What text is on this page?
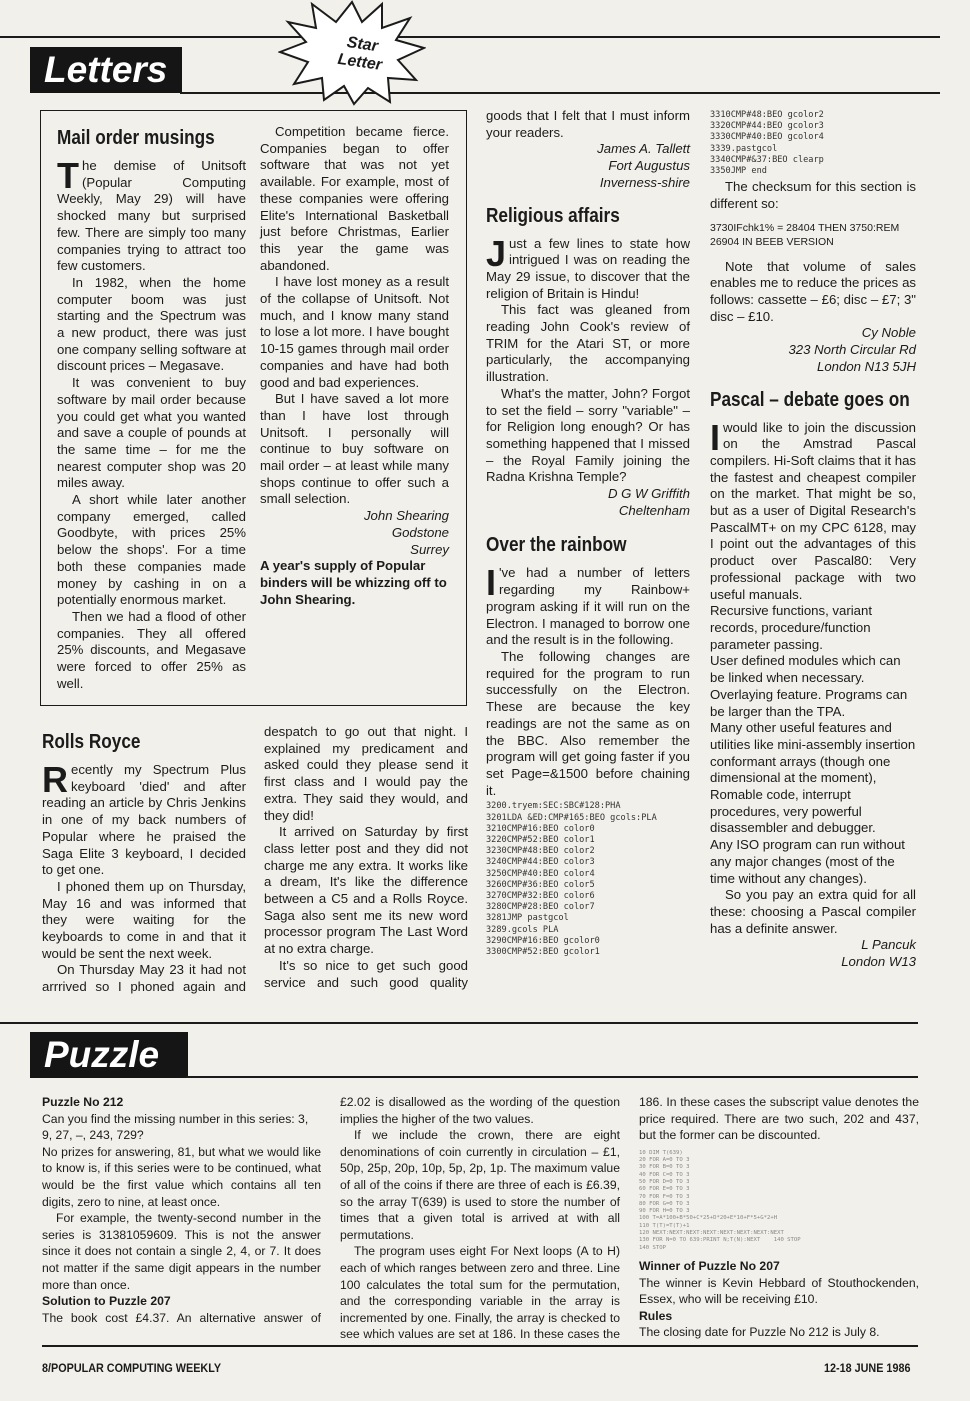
Letters
Star
Letter
Mail order musings

The demise of Unitsoft (Popular Computing Weekly, May 29) will have shocked many but surprised few. There are simply too many companies trying to attract too few customers.

In 1982, when the home computer boom was just starting and the Spectrum was a new product, there was just one company selling software at discount prices – Megasave.

It was convenient to buy software by mail order because you could get what you wanted and save a couple of pounds at the same time – for me the nearest computer shop was 20 miles away.

A short while later another company emerged, called Goodbyte, with prices 25% below the shops'. For a time both these companies made money by cashing in on a potentially enormous market.

Then we had a flood of other companies. They all offered 25% discounts, and Megasave were forced to offer 25% as well.

Competition became fierce. Companies began to offer software that was not yet available. For example, most of these companies were offering Elite's International Basketball just before Christmas, Earlier this year the game was abandoned.

I have lost money as a result of the collapse of Unitsoft. Not much, and I know many stand to lose a lot more. I have bought 10-15 games through mail order companies and have had both good and bad experiences.

But I have saved a lot more than I have lost through Unitsoft. I personally will continue to buy software on mail order – at least while many shops continue to offer such a small selection.

John Shearing

Godstone

Surrey

A year's supply of Popular binders will be whizzing off to John Shearing.

Rolls Royce

Recently my Spectrum Plus keyboard 'died' and after reading an article by Chris Jenkins in one of my back numbers of Popular where he praised the Saga Elite 3 keyboard, I decided to get one.

I phoned them up on Thursday, May 16 and was informed that they were waiting for the keyboards to come in and that it would be sent the next week.

On Thursday May 23 it had not arrrived so I phoned again and

despatch to go out that night. I explained my predicament and asked could they please send it first class and I would pay the extra. They said they would, and they did!

It arrived on Saturday by first class letter post and they did not charge me any extra. It works like a dream, It's like the difference between a C5 and a Rolls Royce. Saga also sent me its new word processor program The Last Word at no extra charge.

It's so nice to get such good service and such good quality

goods that I felt that I must inform your readers.

James A. Tallett

Fort Augustus

Inverness-shire

Religious affairs

Just a few lines to state how intrigued I was on reading the May 29 issue, to discover that the religion of Britain is Hindu!

This fact was gleaned from reading John Cook's review of TRIM for the Atari ST, or more particularly, the accompanying illustration.

What's the matter, John? Forgot to set the field – sorry "variable" – for Religion long enough? Or has something happened that I missed – the Royal Family joining the Radna Krishna Temple?

D G W Griffith

Cheltenham

Over the rainbow

I 've had a number of letters regarding my Rainbow+ program asking if it will run on the Electron. I managed to borrow one and the result is in the following.

The following changes are required for the program to run successfully on the Electron. These are because the key readings are not the same as on the BBC. Also remember the program will get going faster if you set Page=&1500 before chaining it.

3200.tryem:SEC:SBC#128:PHA
3201LDA &ED:CMP#165:BEO gcols:PLA
3210CMP#16:BEO color0
3220CMP#52:BEO color1
3230CMP#48:BEO color2
3240CMP#44:BEO color3
3250CMP#40:BEO color4
3260CMP#36:BEO color5
3270CMP#32:BEO color6
3280CMP#28:BEO color7
3281JMP pastgcol
3289.gcols PLA
3290CMP#16:BEO gcolor0
3300CMP#52:BEO gcolor1
3310CMP#48:BEO gcolor2
3320CMP#44:BEO gcolor3
3330CMP#40:BEO gcolor4
3339.pastgcol
3340CMP#&37:BEO clearp
3350JMP end

The checksum for this section is different so:

3730IFchk1% = 28404 THEN 3750:REM 26904 IN BEEB VERSION

Note that volume of sales enables me to reduce the prices as follows: cassette – £6; disc – £7; 3" disc – £10.

Cy Noble

323 North Circular Rd

London N13 5JH

Pascal – debate goes on

Iwould like to join the discussion on the Amstrad Pascal compilers. Hi-Soft claims that it has the fastest and cheapest compiler on the market. That might be so, but as a user of Digital Research's PascalMT+ on my CPC 6128, may I point out the advantages of this product over Pascal80: Very professional package with two useful manuals.

Recursive functions, variant records, procedure/function parameter passing.

User defined modules which can be linked when necessary.

Overlaying feature. Programs can be larger than the TPA.

Many other useful features and utilities like mini-assembly insertion conformant arrays (though one dimensional at the moment), Romable code, interrupt procedures, very powerful disassembler and debugger.

Any ISO program can run without any major changes (most of the time without any changes).

So you pay an extra quid for all these: choosing a Pascal compiler has a definite answer.

L Pancuk

London W13

Puzzle

Puzzle No 212

Can you find the missing number in this series: 3, 9, 27, –, 243, 729?

No prizes for answering, 81, but what we would like to know is, if this series were to be continued, what would be the first value which contains all ten digits, zero to nine, at least once.

For example, the twenty-second number in the series is 31381059609. This is not the answer since it does not contain a single 2, 4, or 7. It does not matter if the same digit appears in the number more than once.

Solution to Puzzle 207

The book cost £4.37. An alternative answer of

£2.02 is disallowed as the wording of the question implies the higher of the two values.

If we include the crown, there are eight denominations of coin currently in circulation – £1, 50p, 25p, 20p, 10p, 5p, 2p, 1p. The maximum value of all of the coins if there are three of each is £6.39, so the array T(639) is used to store the number of times that a given total is arrived at with all permutations.

The program uses eight For Next loops (A to H) each of which ranges between zero and three. Line 100 calculates the total sum for the permutation, and the corresponding variable in the array is incremented by one. Finally, the array is checked to see which values are set at 186. In these cases the

186. In these cases the subscript value denotes the price required. There are two such, 202 and 437, but the former can be discounted.

10 DIM T(639)
20 FOR A=0 TO 3
30 FOR B=0 TO 3
40 FOR C=0 TO 3
50 FOR D=0 TO 3
60 FOR E=0 TO 3
70 FOR F=0 TO 3
80 FOR G=0 TO 3
90 FOR H=0 TO 3
100 T=A*100+B*50+C*25+D*20+E*10+F*5+G*2+H
110 T(T)=T(T)+1
120 NEXT:NEXT:NEXT:NEXT:NEXT:NEXT:NEXT:NEXT
130 FOR N=0 TO 639:PRINT N;T(N):NEXT    140 STOP
140 STOP

Winner of Puzzle No 207

The winner is Kevin Hebbard of Stouthockenden, Essex, who will be receiving £10.

Rules

The closing date for Puzzle No 212 is July 8.

8/POPULAR COMPUTING WEEKLY	12-18 JUNE 1986
